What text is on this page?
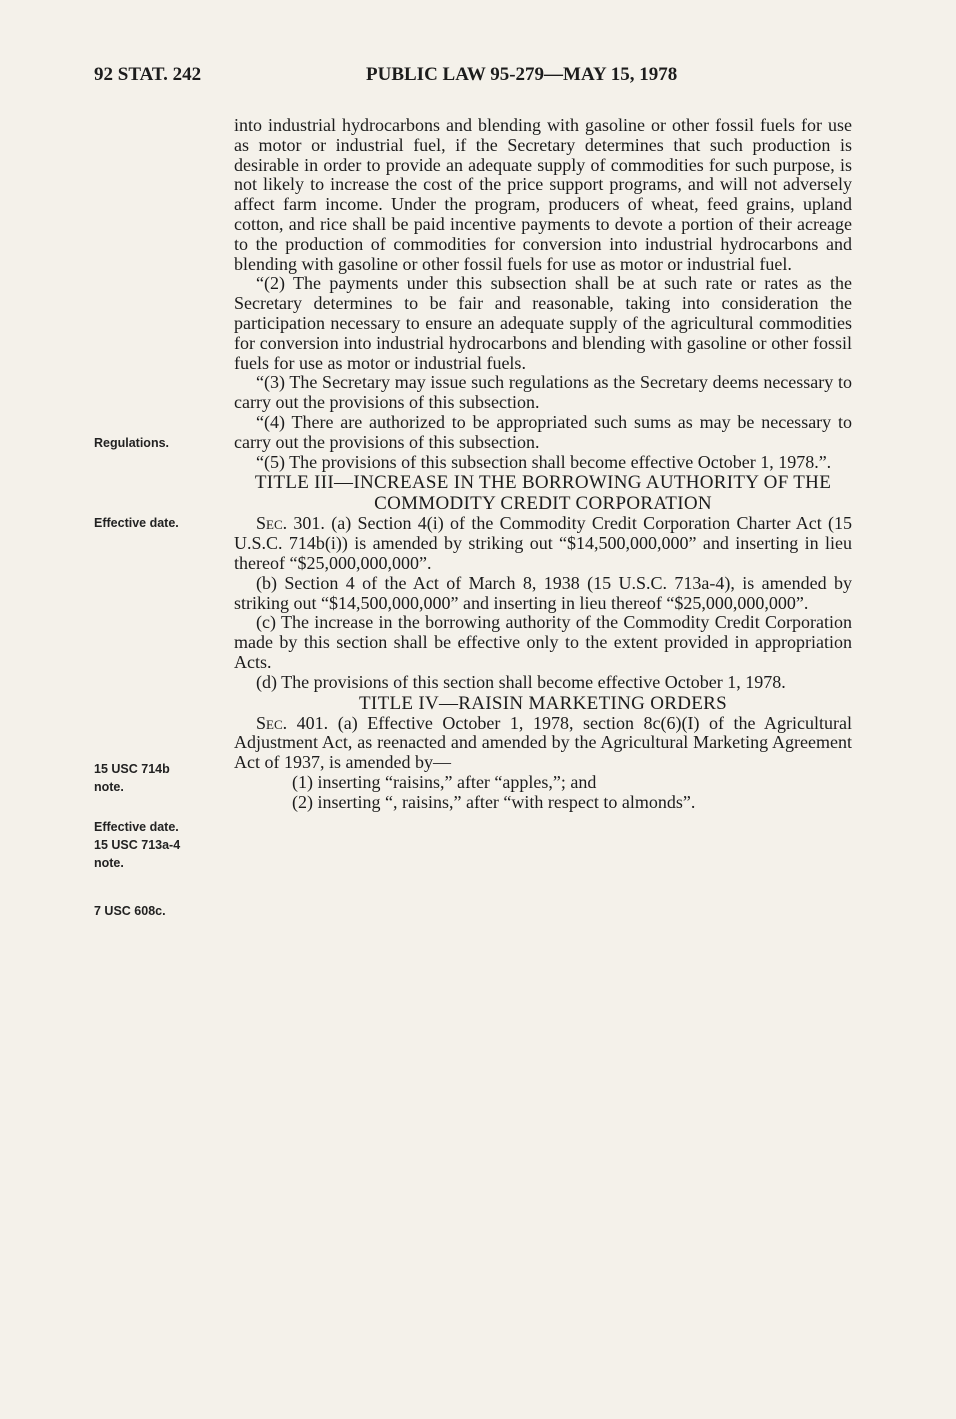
92 STAT. 242	PUBLIC LAW 95-279—MAY 15, 1978
Regulations.
Effective date.
15 USC 714b
note.
Effective date.
15 USC 713a-4
note.
7 USC 608c.

into industrial hydrocarbons and blending with gasoline or other fossil fuels for use as motor or industrial fuel, if the Secretary determines that such production is desirable in order to provide an adequate supply of commodities for such purpose, is not likely to increase the cost of the price support programs, and will not adversely affect farm income. Under the program, producers of wheat, feed grains, upland cotton, and rice shall be paid incentive payments to devote a portion of their acreage to the production of commodities for conversion into industrial hydrocarbons and blending with gasoline or other fossil fuels for use as motor or industrial fuel.

“(2) The payments under this subsection shall be at such rate or rates as the Secretary determines to be fair and reasonable, taking into consideration the participation necessary to ensure an adequate supply of the agricultural commodities for conversion into industrial hydrocarbons and blending with gasoline or other fossil fuels for use as motor or industrial fuels.

“(3) The Secretary may issue such regulations as the Secretary deems necessary to carry out the provisions of this subsection.

“(4) There are authorized to be appropriated such sums as may be necessary to carry out the provisions of this subsection.

“(5) The provisions of this subsection shall become effective October 1, 1978.”.

TITLE III—INCREASE IN THE BORROWING AUTHORITY OF THE COMMODITY CREDIT CORPORATION

Sec. 301. (a) Section 4(i) of the Commodity Credit Corporation Charter Act (15 U.S.C. 714b(i)) is amended by striking out “$14,500,000,000” and inserting in lieu thereof “$25,000,000,000”.

(b) Section 4 of the Act of March 8, 1938 (15 U.S.C. 713a-4), is amended by striking out “$14,500,000,000” and inserting in lieu thereof “$25,000,000,000”.

(c) The increase in the borrowing authority of the Commodity Credit Corporation made by this section shall be effective only to the extent provided in appropriation Acts.

(d) The provisions of this section shall become effective October 1, 1978.

TITLE IV—RAISIN MARKETING ORDERS

Sec. 401. (a) Effective October 1, 1978, section 8c(6)(I) of the Agricultural Adjustment Act, as reenacted and amended by the Agricultural Marketing Agreement Act of 1937, is amended by—

(1) inserting “raisins,” after “apples,”; and

(2) inserting “, raisins,” after “with respect to almonds”.
